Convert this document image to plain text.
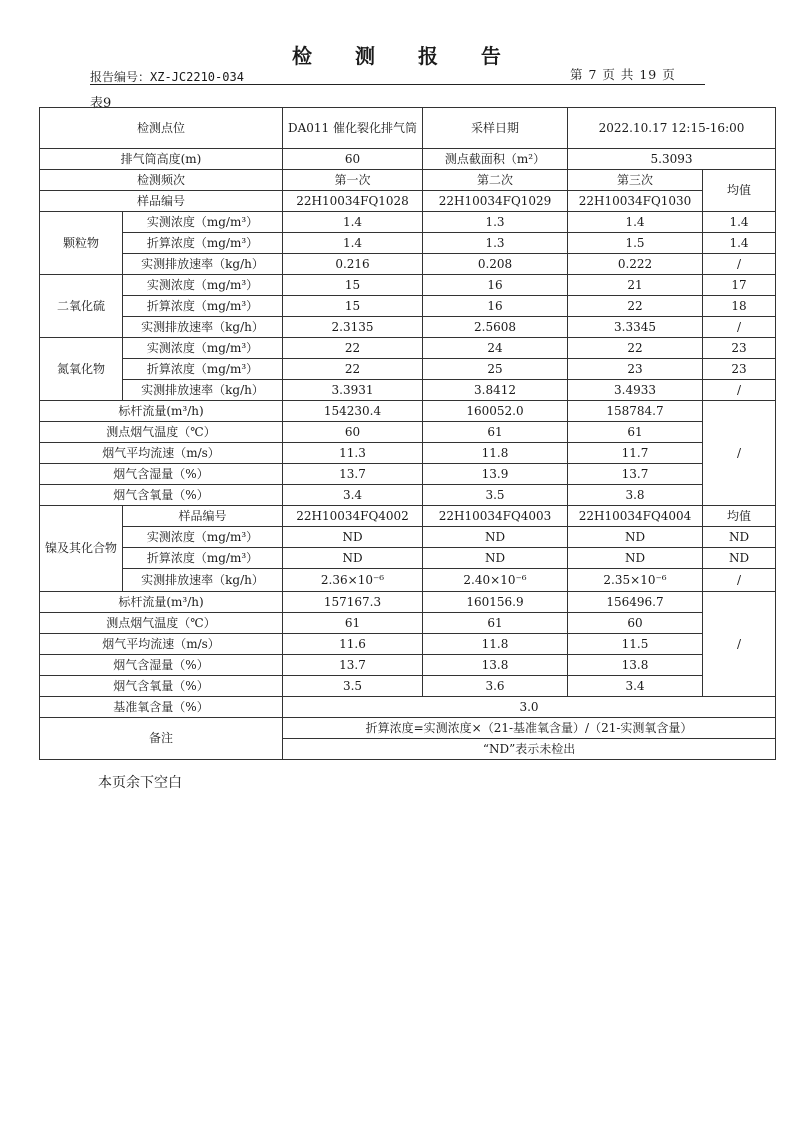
检 测 报 告
报告编号：XZ-JC2210-034	第 7 页 共 19 页
表9
检测点位		DA011 催化裂化排气筒	采样日期	2022.10.17 12:15-16:00	
排气筒高度(m)		60	测点截面积（m²）	5.3093	
检测频次		第一次	第二次	第三次	均值
样品编号		22H10034FQ1028	22H10034FQ1029	22H10034FQ1030	
颗粒物	实测浓度（mg/m³）	1.4	1.3	1.4	1.4
	折算浓度（mg/m³）	1.4	1.3	1.5	1.4
	实测排放速率（kg/h）	0.216	0.208	0.222	/
二氧化硫	实测浓度（mg/m³）	15	16	21	17
	折算浓度（mg/m³）	15	16	22	18
	实测排放速率（kg/h）	2.3135	2.5608	3.3345	/
氮氧化物	实测浓度（mg/m³）	22	24	22	23
	折算浓度（mg/m³）	22	25	23	23
	实测排放速率（kg/h）	3.3931	3.8412	3.4933	/
标杆流量(m³/h)		154230.4	160052.0	158784.7	/
测点烟气温度（℃）		60	61	61	
烟气平均流速（m/s）		11.3	11.8	11.7	
烟气含湿量（%）		13.7	13.9	13.7	
烟气含氧量（%）		3.4	3.5	3.8	
镍及其化合物	样品编号	22H10034FQ4002	22H10034FQ4003	22H10034FQ4004	均值
	实测浓度（mg/m³）	ND	ND	ND	ND
	折算浓度（mg/m³）	ND	ND	ND	ND
	实测排放速率（kg/h）	2.36×10⁻⁶	2.40×10⁻⁶	2.35×10⁻⁶	/
标杆流量(m³/h)		157167.3	160156.9	156496.7	/
测点烟气温度（℃）		61	61	60	
烟气平均流速（m/s）		11.6	11.8	11.5	
烟气含湿量（%）		13.7	13.8	13.8	
烟气含氧量（%）		3.5	3.6	3.4	
基准氧含量（%）		3.0			
备注		折算浓度=实测浓度×（21-基准氧含量）/（21-实测氧含量）			
		“ND”表示未检出			
本页余下空白
